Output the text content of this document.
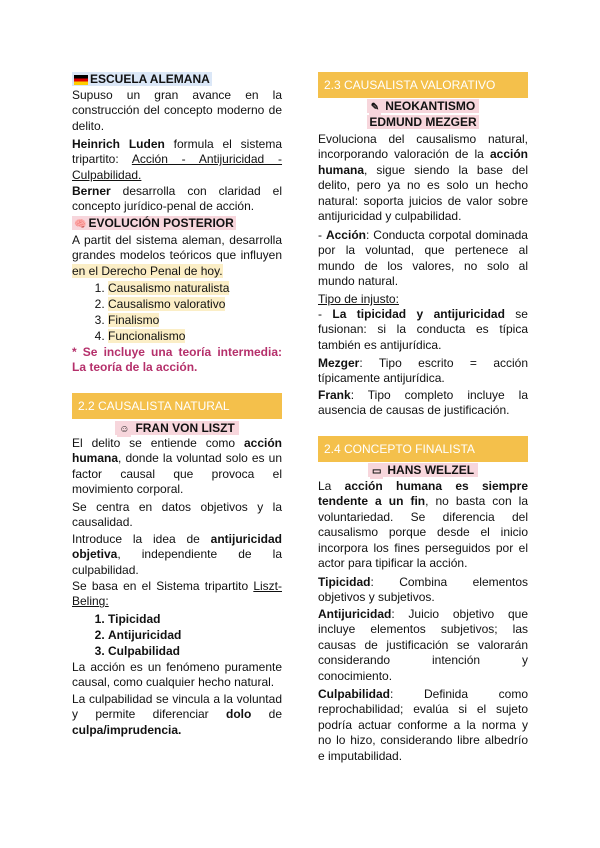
ESCUELA ALEMANA

Supuso un gran avance en la construcción del concepto moderno de delito.

Heinrich Luden formula el sistema tripartito: Acción - Antijuricidad - Culpabilidad.

Berner desarrolla con claridad el concepto jurídico-penal de acción.

🧠 EVOLUCIÓN POSTERIOR

A partit del sistema aleman, desarrolla grandes modelos teóricos que influyen en el Derecho Penal de hoy.

1. Causalismo naturalista
2. Causalismo valorativo
3. Finalismo
4. Funcionalismo

* Se incluye una teoría intermedia: La teoría de la acción.

2.2 CAUSALISTA NATURAL
☺ FRAN VON LISZT

El delito se entiende como acción humana, donde la voluntad solo es un factor causal que provoca el movimiento corporal.

Se centra en datos objetivos y la causalidad.

Introduce la idea de antijuricidad objetiva, independiente de la culpabilidad.

Se basa en el Sistema tripartito Liszt-Beling:

1. Tipicidad
2. Antijuricidad
3. Culpabilidad

La acción es un fenómeno puramente causal, como cualquier hecho natural.

La culpabilidad se vincula a la voluntad y permite diferenciar dolo de culpa/imprudencia.

2.3 CAUSALISTA VALORATIVO
✎ NEOKANTISMO
EDMUND MEZGER

Evoluciona del causalismo natural, incorporando valoración de la acción humana, sigue siendo la base del delito, pero ya no es solo un hecho natural: soporta juicios de valor sobre antijuricidad y culpabilidad.

- Acción: Conducta corpotal dominada por la voluntad, que pertenece al mundo de los valores, no solo al mundo natural.

Tipo de injusto:

- La tipicidad y antijuricidad se fusionan: si la conducta es típica también es antijurídica.

Mezger: Tipo escrito = acción típicamente antijurídica.

Frank: Tipo completo incluye la ausencia de causas de justificación.

2.4 CONCEPTO FINALISTA
▭ HANS WELZEL

La acción humana es siempre tendente a un fin, no basta con la voluntariedad. Se diferencia del causalismo porque desde el inicio incorpora los fines perseguidos por el actor para tipificar la acción.

Tipicidad: Combina elementos objetivos y subjetivos.

Antijuricidad: Juicio objetivo que incluye elementos subjetivos; las causas de justificación se valorarán considerando intención y conocimiento.

Culpabilidad: Definida como reprochabilidad; evalúa si el sujeto podría actuar conforme a la norma y no lo hizo, considerando libre albedrío e imputabilidad.
